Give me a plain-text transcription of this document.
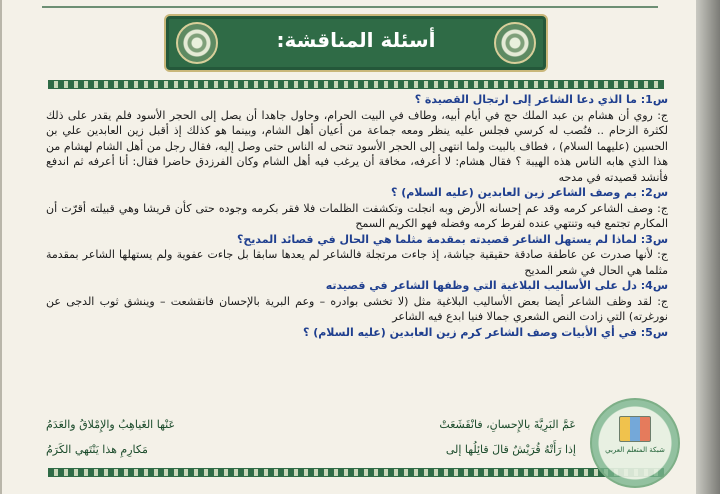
أسئلة المناقشة:
س1: ما الذي دعا الشاعر إلى ارتجال القصيدة ؟
ج: روي أن هشام بن عبد الملك حج في أيام أبيه، وطاف في البيت الحرام، وحاول جاهدا أن يصل إلى الحجر الأسود فلم يقدر على ذلك لكثرة الزحام .. فنُصب له كرسي فجلس عليه ينظر ومعه جماعة من أعيان أهل الشام، وبينما هو كذلك إذ أقبل زين العابدين علي بن الحسين (عليهما السلام) ، فطاف بالبيت ولما انتهى إلى الحجر الأسود تنحى له الناس حتى وصل إليه، فقال رجل من أهل الشام لهشام من هذا الذي هابه الناس هذه الهيبة ؟ فقال هشام: لا أعرفه، مخافة أن يرغب فيه أهل الشام وكان الفرزدق حاضرا فقال: أنا أعرفه ثم اندفع فأنشد قصيدته في مدحه
س2: بم وصف الشاعر زين العابدين (عليه السلام) ؟
ج: وصف الشاعر كرمه وقد عم إحسانه الأرض وبه انجلت وتكشفت الظلمات فلا فقر بكرمه وجوده حتى كأن قريشا وهي قبيلته أقرّت أن المكارم تجتمع فيه وتنتهي عنده لفرط كرمه وفضله فهو الكريم السمح
س3: لماذا لم يستهل الشاعر قصيدته بمقدمة مثلما هي الحال في قصائد المديح؟
ج: لأنها صدرت عن عاطفة صادقة حقيقية جياشة، إذ جاءت مرتجلة فالشاعر لم يعدها سابقا بل جاءت عفوية ولم يستهلها الشاعر بمقدمة مثلما هي الحال في شعر المديح
س4: دل على الأساليب البلاغية التي وظفها الشاعر في قصيدته
ج: لقد وظف الشاعر أيضا بعض الأساليب البلاغية مثل (لا تخشى بوادره – وعم البرية بالإحسان فانقشعت – وينشق ثوب الدجى عن نورغرته) التي زادت النص الشعري جمالا فنيا ابدع فيه الشاعر
س5: في أي الأبيات وصف الشاعر كرم زين العابدين (عليه السلام) ؟
عَمَّ البَرِيَّةَ بالإِحسانِ، فانْقَشَعَتْ
عَنْها الغَياهِبُ والإِمْلاقُ والعَدَمُ
إذا رَأَتْهُ قُرَيْشٌ قالَ قائِلُها إلى
مَكارِمِ هذا يَنْتَهي الكَرَمُ	شبكة المتعلم العربي
